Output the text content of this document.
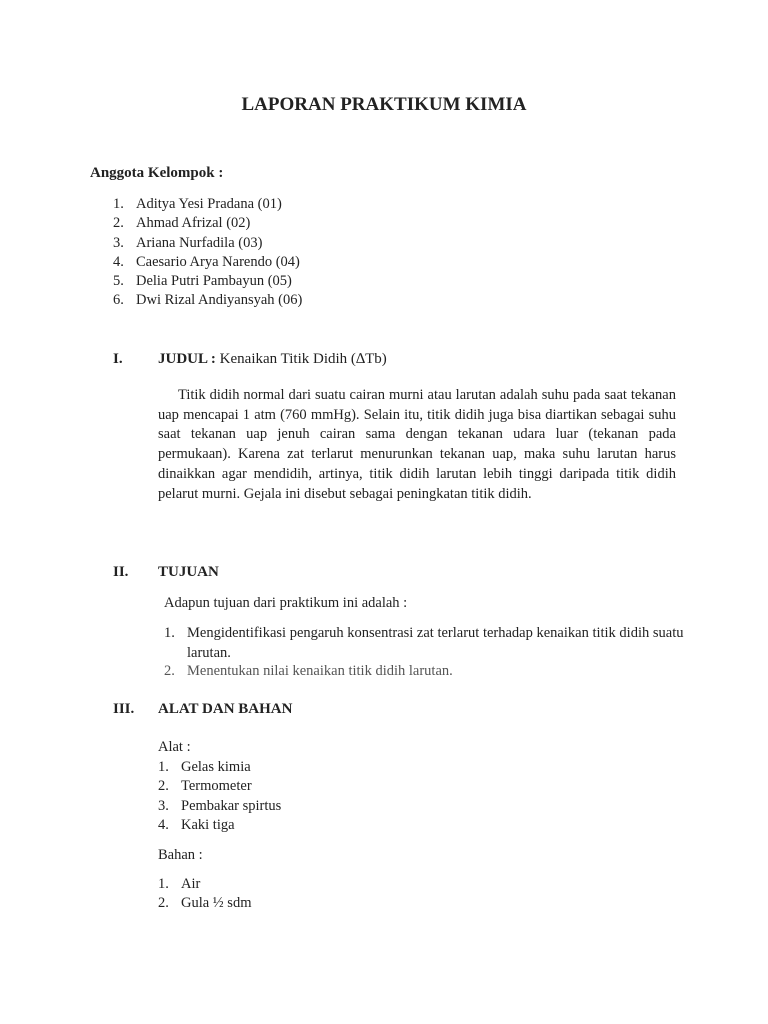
LAPORAN PRAKTIKUM KIMIA
Anggota Kelompok :
1. Aditya Yesi Pradana (01)
2. Ahmad Afrizal (02)
3. Ariana Nurfadila (03)
4. Caesario Arya Narendo (04)
5. Delia Putri Pambayun (05)
6. Dwi Rizal Andiyansyah (06)
I. JUDUL : Kenaikan Titik Didih (∆Tb)
Titik didih normal dari suatu cairan murni atau larutan adalah suhu pada saat tekanan uap mencapai 1 atm (760 mmHg). Selain itu, titik didih juga bisa diartikan sebagai suhu saat tekanan uap jenuh cairan sama dengan tekanan udara luar (tekanan pada permukaan). Karena zat terlarut menurunkan tekanan uap, maka suhu larutan harus dinaikkan agar mendidih, artinya, titik didih larutan lebih tinggi daripada titik didih pelarut murni. Gejala ini disebut sebagai peningkatan titik didih.
II. TUJUAN
Adapun tujuan dari praktikum ini adalah :
1. Mengidentifikasi pengaruh konsentrasi zat terlarut terhadap kenaikan titik didih suatu larutan.
2. Menentukan nilai kenaikan titik didih larutan.
III. ALAT DAN BAHAN
Alat :
1. Gelas kimia
2. Termometer
3. Pembakar spirtus
4. Kaki tiga
Bahan :
1. Air
2. Gula ½ sdm
